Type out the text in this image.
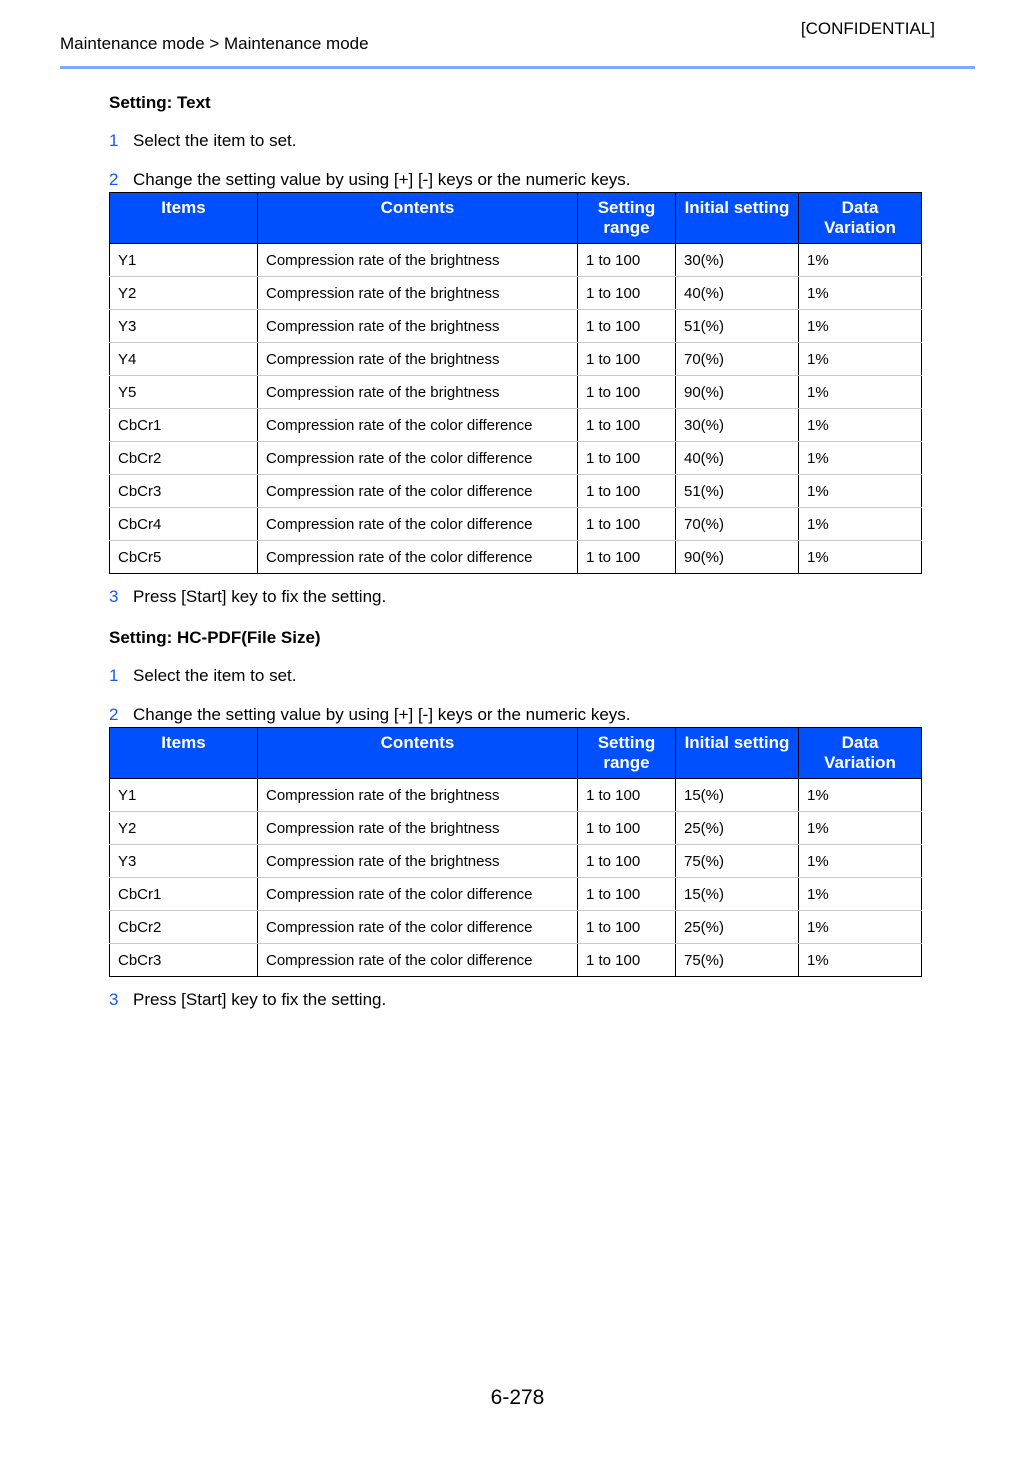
[CONFIDENTIAL]
Maintenance mode > Maintenance mode
Setting: Text
1 Select the item to set.
2 Change the setting value by using [+] [-] keys or the numeric keys.
Items	Contents	Setting range	Initial setting	Data Variation
Y1	Compression rate of the brightness	1 to 100	30(%)	1%
Y2	Compression rate of the brightness	1 to 100	40(%)	1%
Y3	Compression rate of the brightness	1 to 100	51(%)	1%
Y4	Compression rate of the brightness	1 to 100	70(%)	1%
Y5	Compression rate of the brightness	1 to 100	90(%)	1%
CbCr1	Compression rate of the color difference	1 to 100	30(%)	1%
CbCr2	Compression rate of the color difference	1 to 100	40(%)	1%
CbCr3	Compression rate of the color difference	1 to 100	51(%)	1%
CbCr4	Compression rate of the color difference	1 to 100	70(%)	1%
CbCr5	Compression rate of the color difference	1 to 100	90(%)	1%
3 Press [Start] key to fix the setting.
Setting: HC-PDF(File Size)
1 Select the item to set.
2 Change the setting value by using [+] [-] keys or the numeric keys.
Items	Contents	Setting range	Initial setting	Data Variation
Y1	Compression rate of the brightness	1 to 100	15(%)	1%
Y2	Compression rate of the brightness	1 to 100	25(%)	1%
Y3	Compression rate of the brightness	1 to 100	75(%)	1%
CbCr1	Compression rate of the color difference	1 to 100	15(%)	1%
CbCr2	Compression rate of the color difference	1 to 100	25(%)	1%
CbCr3	Compression rate of the color difference	1 to 100	75(%)	1%
3 Press [Start] key to fix the setting.
6-278
